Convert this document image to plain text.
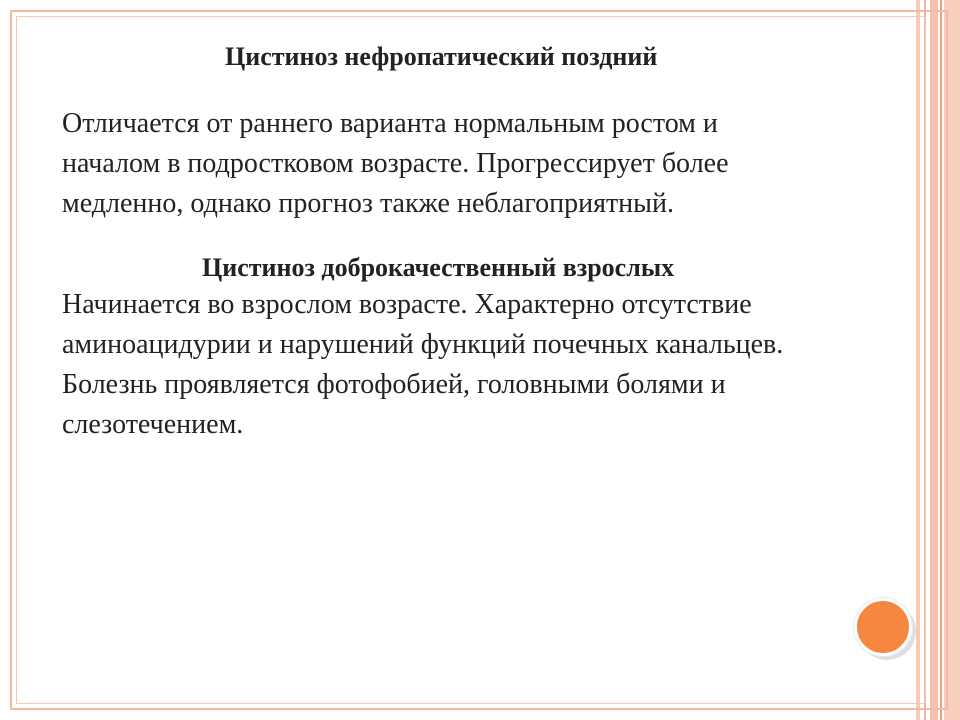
Цистиноз нефропатический поздний

Отличается от раннего варианта нормальным ростом и
началом в подростковом возрасте. Прогрессирует более
медленно, однако прогноз также неблагоприятный.

Цистиноз доброкачественный взрослых

Начинается во взрослом возрасте. Характерно отсутствие
аминоацидурии и нарушений функций почечных канальцев.
Болезнь проявляется фотофобией, головными болями и
слезотечением.
